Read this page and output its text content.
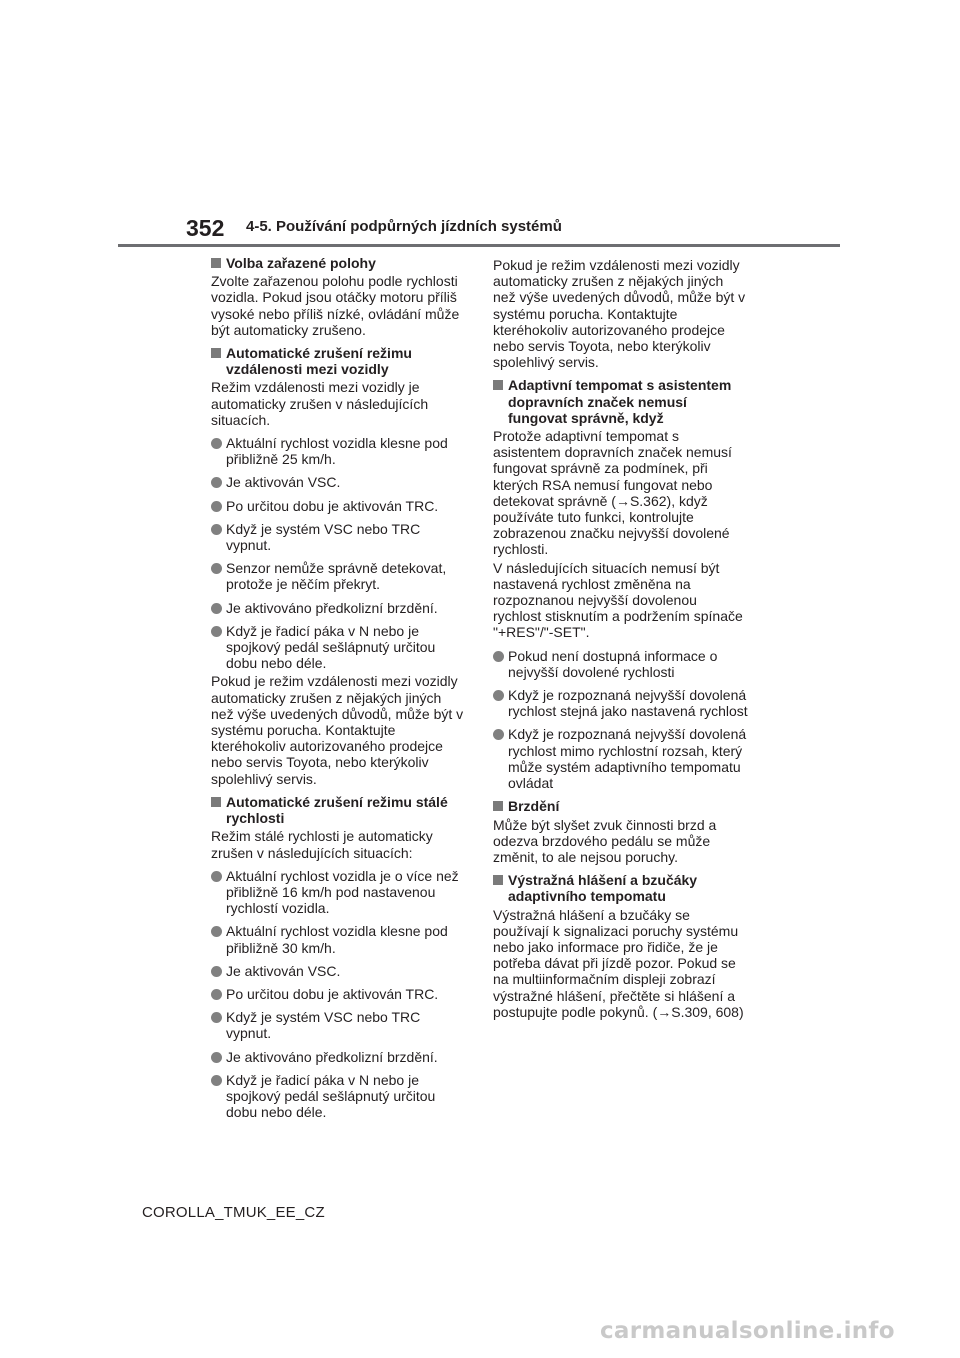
352 4-5. Používání podpůrných jízdních systémů
Volba zařazené polohy
Zvolte zařazenou polohu podle rychlosti vozidla. Pokud jsou otáčky motoru příliš vysoké nebo příliš nízké, ovládání může být automaticky zrušeno.
Automatické zrušení režimu vzdálenosti mezi vozidly
Režim vzdálenosti mezi vozidly je automaticky zrušen v následujících situacích.
Aktuální rychlost vozidla klesne pod přibližně 25 km/h.
Je aktivován VSC.
Po určitou dobu je aktivován TRC.
Když je systém VSC nebo TRC vypnut.
Senzor nemůže správně detekovat, protože je něčím překryt.
Je aktivováno předkolizní brzdění.
Když je řadicí páka v N nebo je spojkový pedál sešlápnutý určitou dobu nebo déle.
Pokud je režim vzdálenosti mezi vozidly automaticky zrušen z nějakých jiných než výše uvedených důvodů, může být v systému porucha. Kontaktujte kteréhokoliv autorizovaného prodejce nebo servis Toyota, nebo kterýkoliv spolehlivý servis.
Automatické zrušení režimu stálé rychlosti
Režim stálé rychlosti je automaticky zrušen v následujících situacích:
Aktuální rychlost vozidla je o více než přibližně 16 km/h pod nastavenou rychlostí vozidla.
Aktuální rychlost vozidla klesne pod přibližně 30 km/h.
Je aktivován VSC.
Po určitou dobu je aktivován TRC.
Když je systém VSC nebo TRC vypnut.
Je aktivováno předkolizní brzdění.
Když je řadicí páka v N nebo je spojkový pedál sešlápnutý určitou dobu nebo déle.
Pokud je režim vzdálenosti mezi vozidly automaticky zrušen z nějakých jiných než výše uvedených důvodů, může být v systému porucha. Kontaktujte kteréhokoliv autorizovaného prodejce nebo servis Toyota, nebo kterýkoliv spolehlivý servis.
Adaptivní tempomat s asistentem dopravních značek nemusí fungovat správně, když
Protože adaptivní tempomat s asistentem dopravních značek nemusí fungovat správně za podmínek, při kterých RSA nemusí fungovat nebo detekovat správně (→S.362), když používáte tuto funkci, kontrolujte zobrazenou značku nejvyšší dovolené rychlosti.
V následujících situacích nemusí být nastavená rychlost změněna na rozpoznanou nejvyšší dovolenou rychlost stisknutím a podržením spínače "+RES"/"-SET".
Pokud není dostupná informace o nejvyšší dovolené rychlosti
Když je rozpoznaná nejvyšší dovolená rychlost stejná jako nastavená rychlost
Když je rozpoznaná nejvyšší dovolená rychlost mimo rychlostní rozsah, který může systém adaptivního tempomatu ovládat
Brzdění
Může být slyšet zvuk činnosti brzd a odezva brzdového pedálu se může změnit, to ale nejsou poruchy.
Výstražná hlášení a bzučáky adaptivního tempomatu
Výstražná hlášení a bzučáky se používají k signalizaci poruchy systému nebo jako informace pro řidiče, že je potřeba dávat při jízdě pozor. Pokud se na multiinformačním displeji zobrazí výstražné hlášení, přečtěte si hlášení a postupujte podle pokynů. (→S.309, 608)
COROLLA_TMUK_EE_CZ
carmanualsonline.info
